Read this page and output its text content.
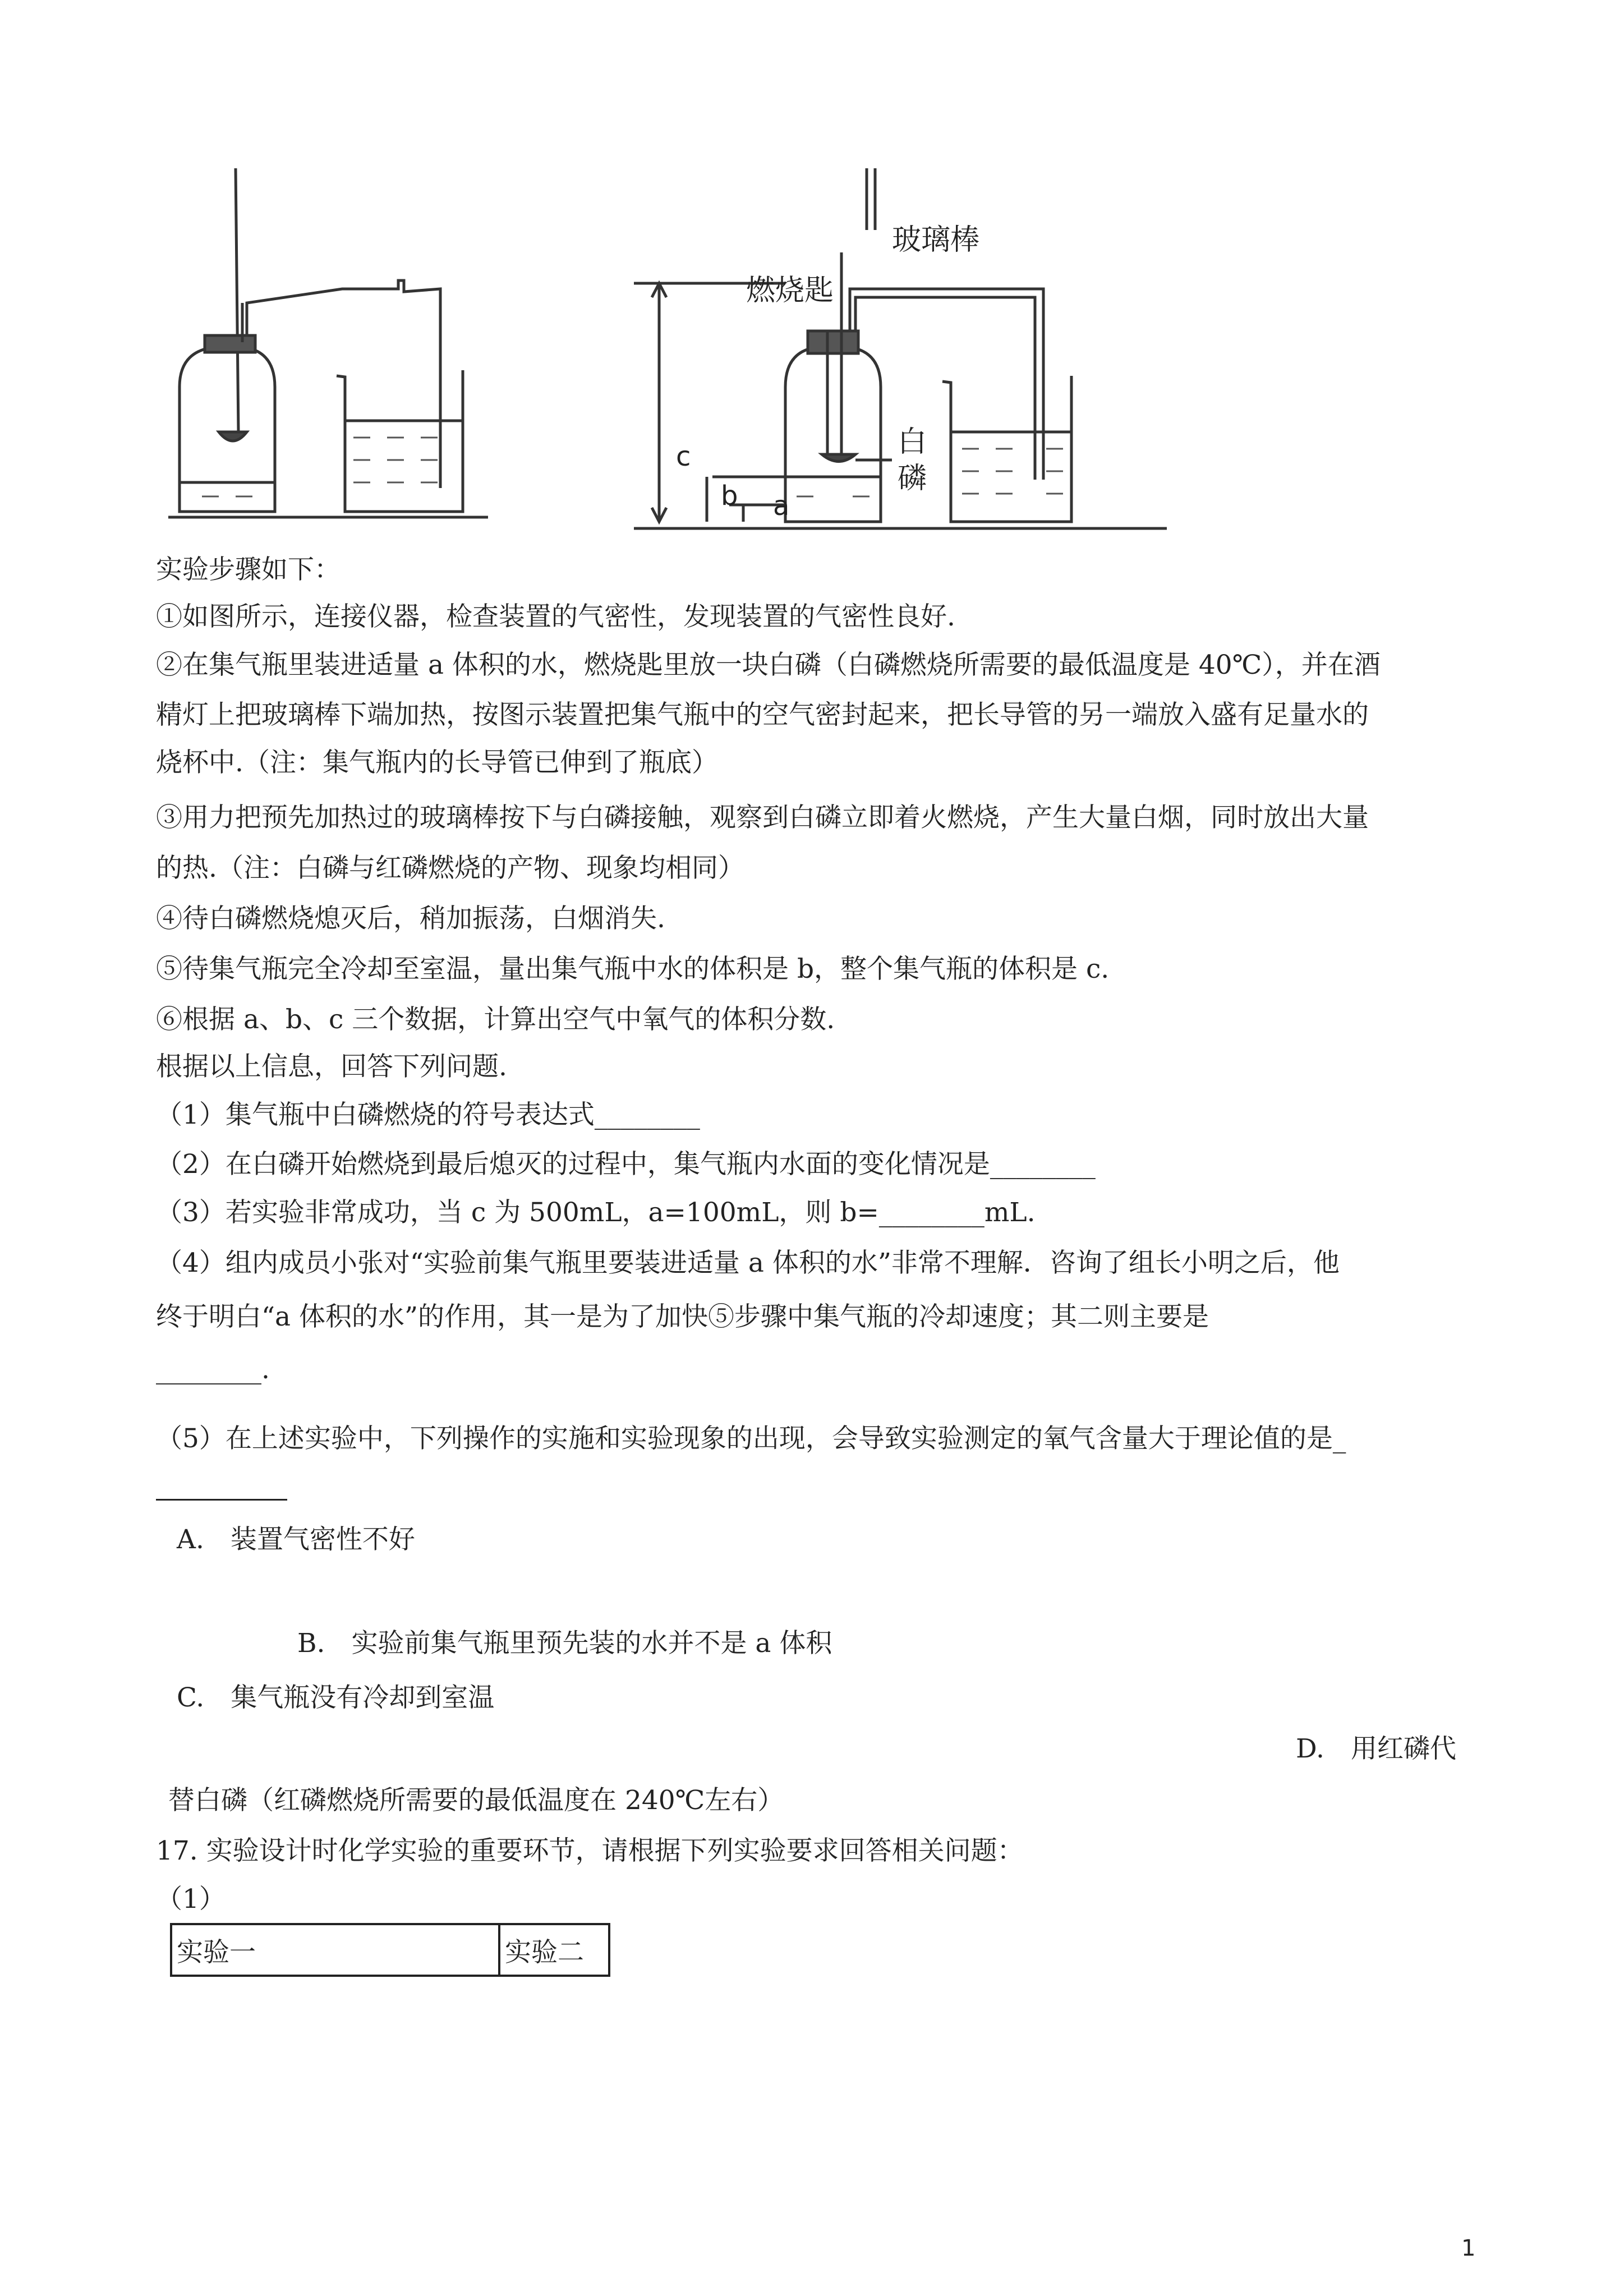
玻璃棒
燃烧匙
白
磷
c
b a
实验步骤如下：
①如图所示，连接仪器，检查装置的气密性，发现装置的气密性良好.
②在集气瓶里装进适量 a 体积的水，燃烧匙里放一块白磷（白磷燃烧所需要的最低温度是 40℃），并在酒
精灯上把玻璃棒下端加热，按图示装置把集气瓶中的空气密封起来，把长导管的另一端放入盛有足量水的
烧杯中.（注：集气瓶内的长导管已伸到了瓶底）
③用力把预先加热过的玻璃棒按下与白磷接触，观察到白磷立即着火燃烧，产生大量白烟，同时放出大量
的热.（注：白磷与红磷燃烧的产物、现象均相同）
④待白磷燃烧熄灭后，稍加振荡，白烟消失.
⑤待集气瓶完全冷却至室温，量出集气瓶中水的体积是 b，整个集气瓶的体积是 c.
⑥根据 a、b、c 三个数据，计算出空气中氧气的体积分数.
根据以上信息，回答下列问题.
（1）集气瓶中白磷燃烧的符号表达式________
（2）在白磷开始燃烧到最后熄灭的过程中，集气瓶内水面的变化情况是________
（3）若实验非常成功，当 c 为 500mL，a=100mL，则 b=________mL.
（4）组内成员小张对“实验前集气瓶里要装进适量 a 体积的水”非常不理解．咨询了组长小明之后，他
终于明白“a 体积的水”的作用，其一是为了加快⑤步骤中集气瓶的冷却速度；其二则主要是
________.
（5）在上述实验中，下列操作的实施和实验现象的出现，会导致实验测定的氧气含量大于理论值的是_
A.　装置气密性不好
B.　实验前集气瓶里预先装的水并不是 a 体积
C.　集气瓶没有冷却到室温
D.　用红磷代
替白磷（红磷燃烧所需要的最低温度在 240℃左右）
17. 实验设计时化学实验的重要环节，请根据下列实验要求回答相关问题：
（1）
实验一	实验二
1
